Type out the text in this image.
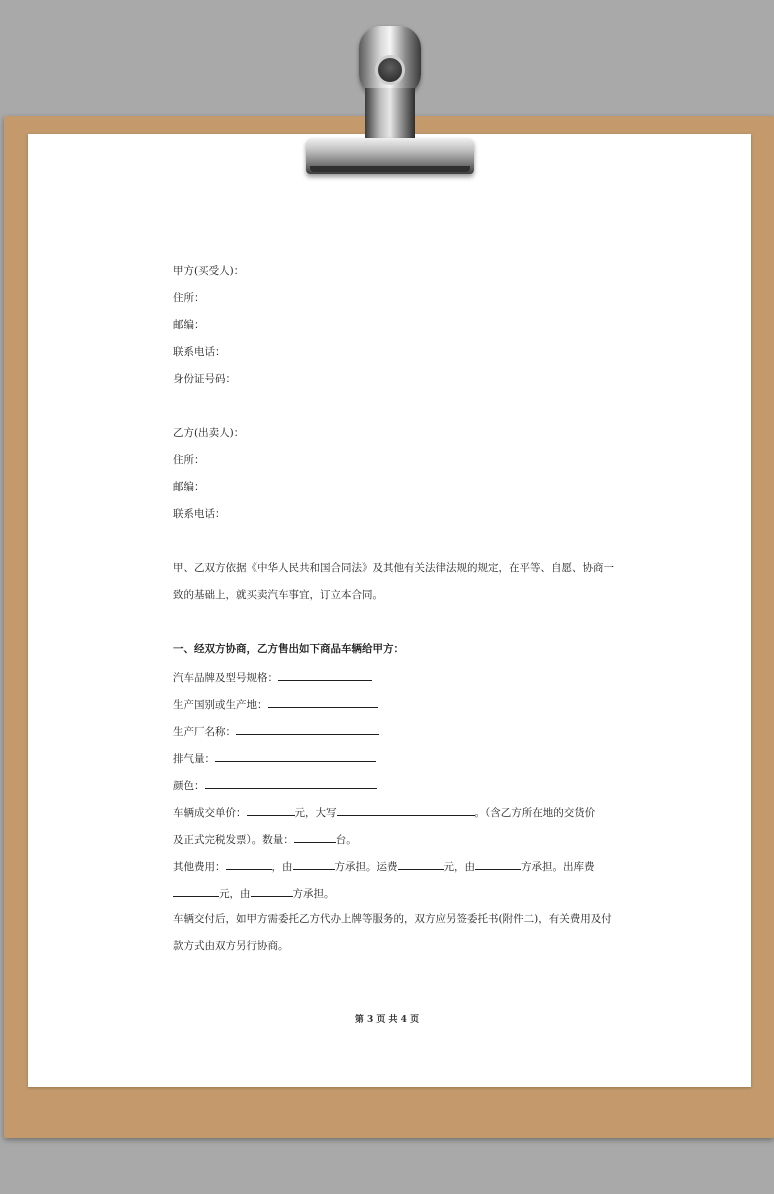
甲方(买受人)：
住所：
邮编：
联系电话：
身份证号码：
乙方(出卖人)：
住所：
邮编：
联系电话：
甲、乙双方依据《中华人民共和国合同法》及其他有关法律法规的规定，在平等、自愿、协商一
致的基础上，就买卖汽车事宜，订立本合同。
一、经双方协商，乙方售出如下商品车辆给甲方：
汽车品牌及型号规格：
生产国别或生产地：
生产厂名称：
排气量：
颜色：
车辆成交单价：	元，大写	。（含乙方所在地的交货价
及正式完税发票）。数量：	台。
其他费用：	，由	方承担。运费	元，由	方承担。出库费
元，由	方承担。
车辆交付后，如甲方需委托乙方代办上牌等服务的，双方应另签委托书(附件二)，有关费用及付
款方式由双方另行协商。
第 3 页 共 4 页
